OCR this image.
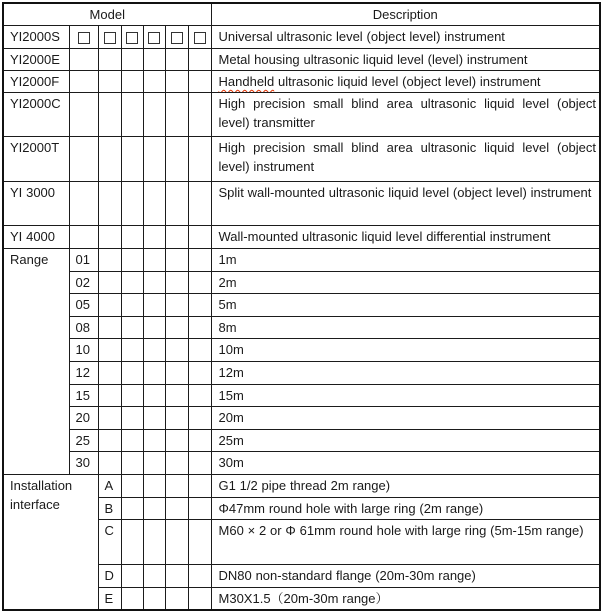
Model							Description
YI2000S							Universal ultrasonic level (object level) instrument
YI2000E							Metal housing ultrasonic liquid level (level) instrument
YI2000F							Handheld ultrasonic liquid level (object level) instrument
YI2000C							High precision small blind area ultrasonic liquid level (object level) transmitter
YI2000T							High precision small blind area ultrasonic liquid level (object level) instrument
YI 3000							Split wall-mounted ultrasonic liquid level (object level) instrument
YI 4000							Wall-mounted ultrasonic liquid level differential instrument
Range	01						1m
	02						2m
	05						5m
	08						8m
	10						10m
	12						12m
	15						15m
	20						20m
	25						25m
	30						30m
Installation interface		A					G1 1/2 pipe thread 2m range)
		B					Φ47mm round hole with large ring (2m range)
		C					M60 × 2 or Φ 61mm round hole with large ring (5m-15m range)
		D					DN80 non-standard flange (20m-30m range)
		E					M30X1.5（20m-30m range）
